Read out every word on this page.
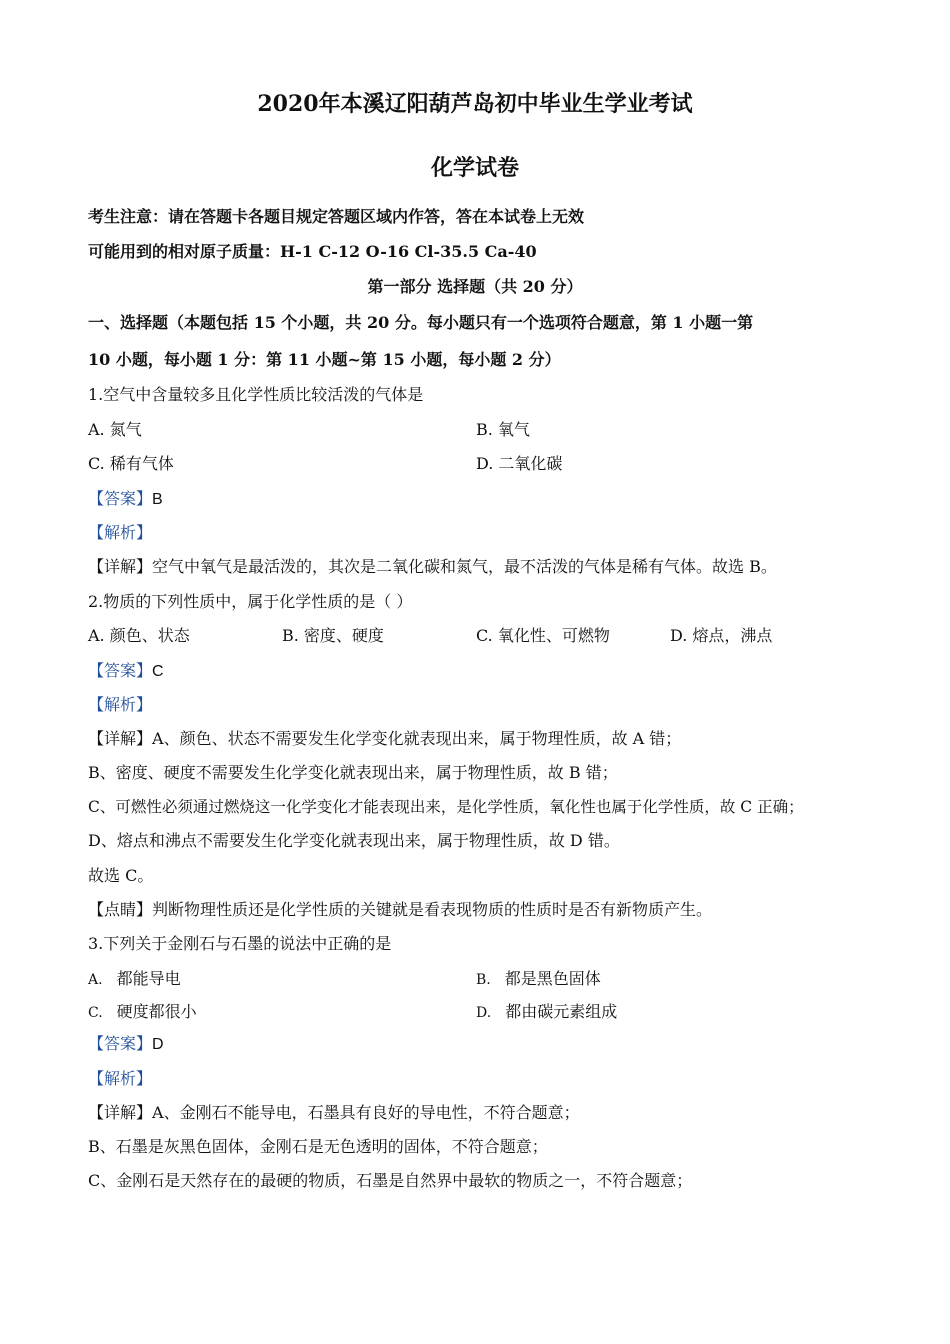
2020年本溪辽阳葫芦岛初中毕业生学业考试
化学试卷
考生注意：请在答题卡各题目规定答题区域内作答，答在本试卷上无效
可能用到的相对原子质量：H-1 C-12 O-16 Cl-35.5 Ca-40
第一部分 选择题（共 20 分）
一、选择题（本题包括 15 个小题，共 20 分。每小题只有一个选项符合题意，第 1 小题一第
10 小题，每小题 1 分：第 11 小题~第 15 小题，每小题 2 分）
1.空气中含量较多且化学性质比较活泼的气体是
A. 氮气	B. 氧气
C. 稀有气体	D. 二氧化碳
【答案】B
【解析】
【详解】空气中氧气是最活泼的，其次是二氧化碳和氮气，最不活泼的气体是稀有气体。故选 B。
2.物质的下列性质中，属于化学性质的是（ ）
A. 颜色、状态	B. 密度、硬度	C. 氧化性、可燃物	D. 熔点，沸点
【答案】C
【解析】
【详解】A、颜色、状态不需要发生化学变化就表现出来，属于物理性质，故 A 错；
B、密度、硬度不需要发生化学变化就表现出来，属于物理性质，故 B 错；
C、可燃性必须通过燃烧这一化学变化才能表现出来，是化学性质，氧化性也属于化学性质，故 C 正确；
D、熔点和沸点不需要发生化学变化就表现出来，属于物理性质，故 D 错。
故选 C。
【点睛】判断物理性质还是化学性质的关键就是看表现物质的性质时是否有新物质产生。
3.下列关于金刚石与石墨的说法中正确的是
A. 都能导电	B. 都是黑色固体
C. 硬度都很小	D. 都由碳元素组成
【答案】D
【解析】
【详解】A、金刚石不能导电，石墨具有良好的导电性，不符合题意；
B、石墨是灰黑色固体，金刚石是无色透明的固体，不符合题意；
C、金刚石是天然存在的最硬的物质，石墨是自然界中最软的物质之一，不符合题意；
